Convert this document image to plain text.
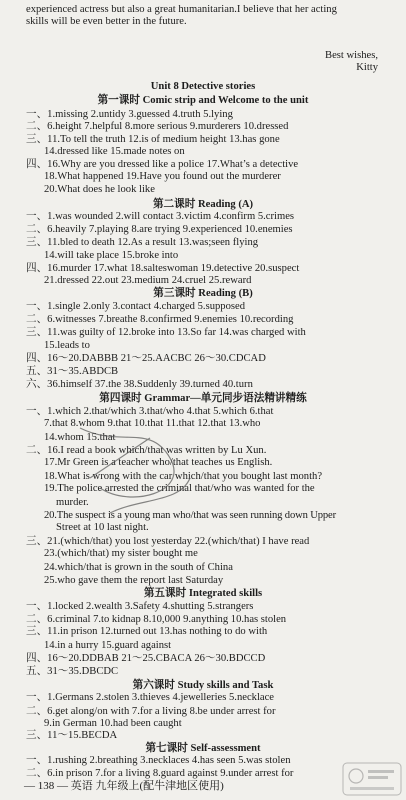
experienced actress but also a great humanitarian.I believe that her acting
skills will be even better in the future.
Best wishes,
Kitty
Unit 8 Detective stories
第一课时 Comic strip and Welcome to the unit
一、1.missing 2.untidy 3.guessed 4.truth 5.lying
二、6.height 7.helpful 8.more serious 9.murderers 10.dressed
三、11.To tell the truth 12.is of medium height 13.has gone
14.dressed like 15.made notes on
四、16.Why are you dressed like a police 17.What’s a detective
18.What happened 19.Have you found out the murderer
20.What does he look like
第二课时 Reading (A)
一、1.was wounded 2.will contact 3.victim 4.confirm 5.crimes
二、6.heavily 7.playing 8.are trying 9.experienced 10.enemies
三、11.bled to death 12.As a result 13.was;seen flying
14.will take place 15.broke into
四、16.murder 17.what 18.salteswoman 19.detective 20.suspect
21.dressed 22.out 23.medium 24.cruel 25.reward
第三课时 Reading (B)
一、1.single 2.only 3.contact 4.charged 5.supposed
二、6.witnesses 7.breathe 8.confirmed 9.enemies 10.recording
三、11.was guilty of 12.broke into 13.So far 14.was charged with
15.leads to
四、16～20.DABBB 21～25.AACBC 26～30.CDCAD
五、31～35.ABDCB
六、36.himself 37.the 38.Suddenly 39.turned 40.turn
第四课时 Grammar—单元同步语法精讲精练
一、1.which 2.that/which 3.that/who 4.that 5.which 6.that
7.that 8.whom 9.that 10.that 11.that 12.that 13.who
14.whom 15.that
二、16.I read a book which/that was written by Lu Xun.
17.Mr Green is a teacher who/that teaches us English.
18.What is wrong with the car which/that you bought last month?
19.The police arrested the criminal that/who was wanted for the
murder.
20.The suspect is a young man who/that was seen running down Upper
Street at 10 last night.
三、21.(which/that) you lost yesterday 22.(which/that) I have read
23.(which/that) my sister bought me
24.which/that is grown in the south of China
25.who gave them the report last Saturday
第五课时 Integrated skills
一、1.locked 2.wealth 3.Safety 4.shutting 5.strangers
二、6.criminal 7.to kidnap 8.10,000 9.anything 10.has stolen
三、11.in prison 12.turned out 13.has nothing to do with
14.in a hurry 15.guard against
四、16～20.DDBAB 21～25.CBACA 26～30.BDCCD
五、31～35.DBCDC
第六课时 Study skills and Task
一、1.Germans 2.stolen 3.thieves 4.jewelleries 5.necklace
二、6.get along/on with 7.for a living 8.be under arrest for
9.in German 10.had been caught
三、11～15.BECDA
第七课时 Self-assessment
一、1.rushing 2.breathing 3.necklaces 4.has seen 5.was stolen
二、6.in prison 7.for a living 8.guard against 9.under arrest for
— 138 — 英语 九年级上(配牛津地区使用)
